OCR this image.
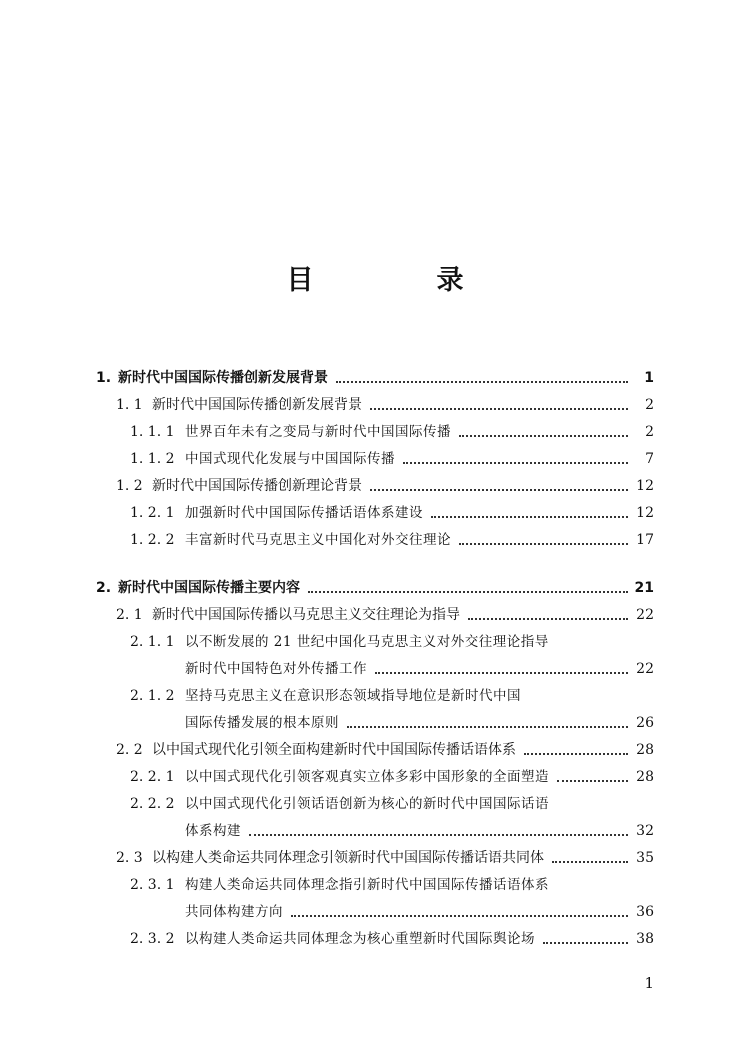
目　录
1. 新时代中国国际传播创新发展背景	1
1. 1 新时代中国国际传播创新发展背景	2
1. 1. 1 世界百年未有之变局与新时代中国国际传播	2
1. 1. 2 中国式现代化发展与中国国际传播	7
1. 2 新时代中国国际传播创新理论背景	12
1. 2. 1 加强新时代中国国际传播话语体系建设	12
1. 2. 2 丰富新时代马克思主义中国化对外交往理论	17
2. 新时代中国国际传播主要内容	21
2. 1 新时代中国国际传播以马克思主义交往理论为指导	22
2. 1. 1 以不断发展的 21 世纪中国化马克思主义对外交往理论指导
新时代中国特色对外传播工作	22
2. 1. 2 坚持马克思主义在意识形态领域指导地位是新时代中国
国际传播发展的根本原则	26
2. 2 以中国式现代化引领全面构建新时代中国国际传播话语体系	28
2. 2. 1 以中国式现代化引领客观真实立体多彩中国形象的全面塑造	28
2. 2. 2 以中国式现代化引领话语创新为核心的新时代中国国际话语
体系构建	32
2. 3 以构建人类命运共同体理念引领新时代中国国际传播话语共同体	35
2. 3. 1 构建人类命运共同体理念指引新时代中国国际传播话语体系
共同体构建方向	36
2. 3. 2 以构建人类命运共同体理念为核心重塑新时代国际舆论场	38
1
